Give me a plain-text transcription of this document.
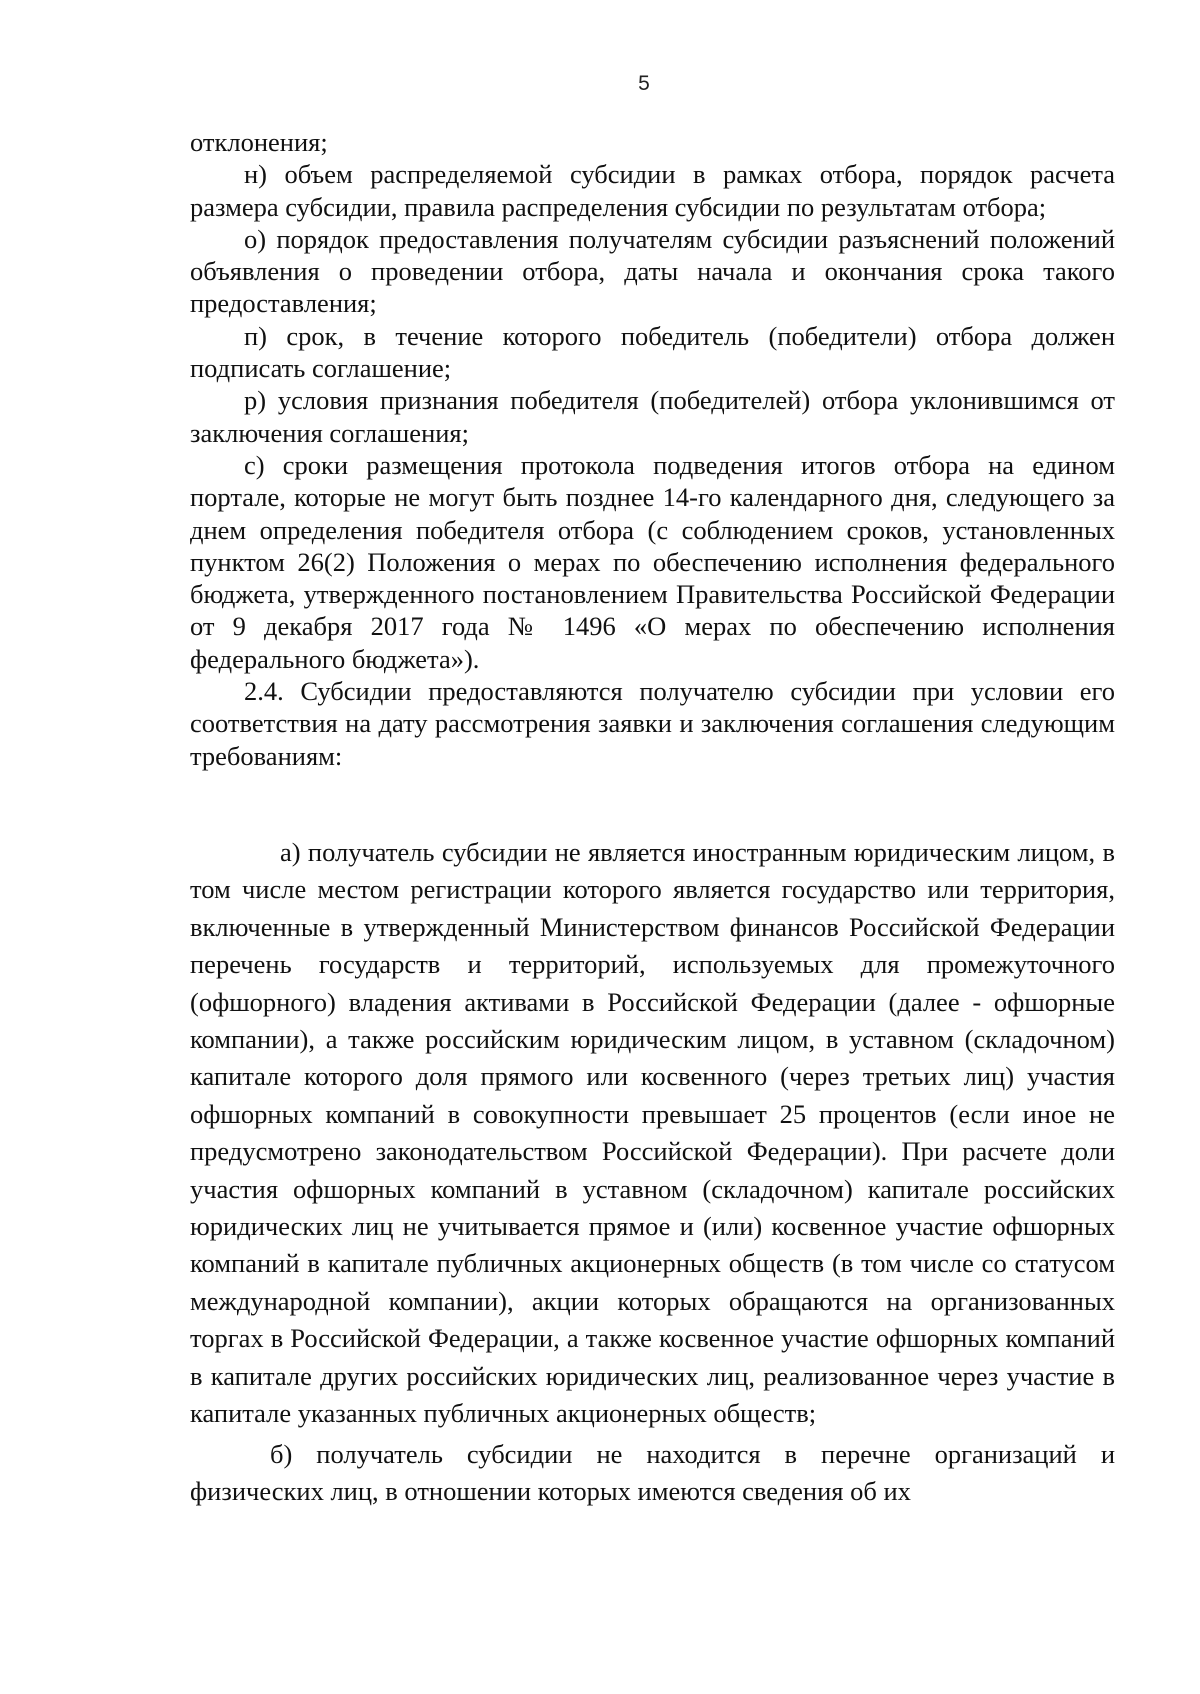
5

отклонения;

н) объем распределяемой субсидии в рамках отбора, порядок расчета размера субсидии, правила распределения субсидии по результатам отбора;

о) порядок предоставления получателям субсидии разъяснений положений объявления о проведении отбора, даты начала и окончания срока такого предоставления;

п) срок, в течение которого победитель (победители) отбора должен подписать соглашение;

р) условия признания победителя (победителей) отбора уклонившимся от заключения соглашения;

с) сроки размещения протокола подведения итогов отбора на едином портале, которые не могут быть позднее 14-го календарного дня, следующего за днем определения победителя отбора (с соблюдением сроков, установленных пунктом 26(2) Положения о мерах по обеспечению исполнения федерального бюджета, утвержденного постановлением Правительства Российской Федерации от 9 декабря 2017 года № 1496 «О мерах по обеспечению исполнения федерального бюджета»).

2.4. Субсидии предоставляются получателю субсидии при условии его соответствия на дату рассмотрения заявки и заключения соглашения следующим требованиям:

а) получатель субсидии не является иностранным юридическим лицом, в том числе местом регистрации которого является государство или территория, включенные в утвержденный Министерством финансов Российской Федерации перечень государств и территорий, используемых для промежуточного (офшорного) владения активами в Российской Федерации (далее - офшорные компании), а также российским юридическим лицом, в уставном (складочном) капитале которого доля прямого или косвенного (через третьих лиц) участия офшорных компаний в совокупности превышает 25 процентов (если иное не предусмотрено законодательством Российской Федерации). При расчете доли участия офшорных компаний в уставном (складочном) капитале российских юридических лиц не учитывается прямое и (или) косвенное участие офшорных компаний в капитале публичных акционерных обществ (в том числе со статусом международной компании), акции которых обращаются на организованных торгах в Российской Федерации, а также косвенное участие офшорных компаний в капитале других российских юридических лиц, реализованное через участие в капитале указанных публичных акционерных обществ;

б) получатель субсидии не находится в перечне организаций и физических лиц, в отношении которых имеются сведения об их
